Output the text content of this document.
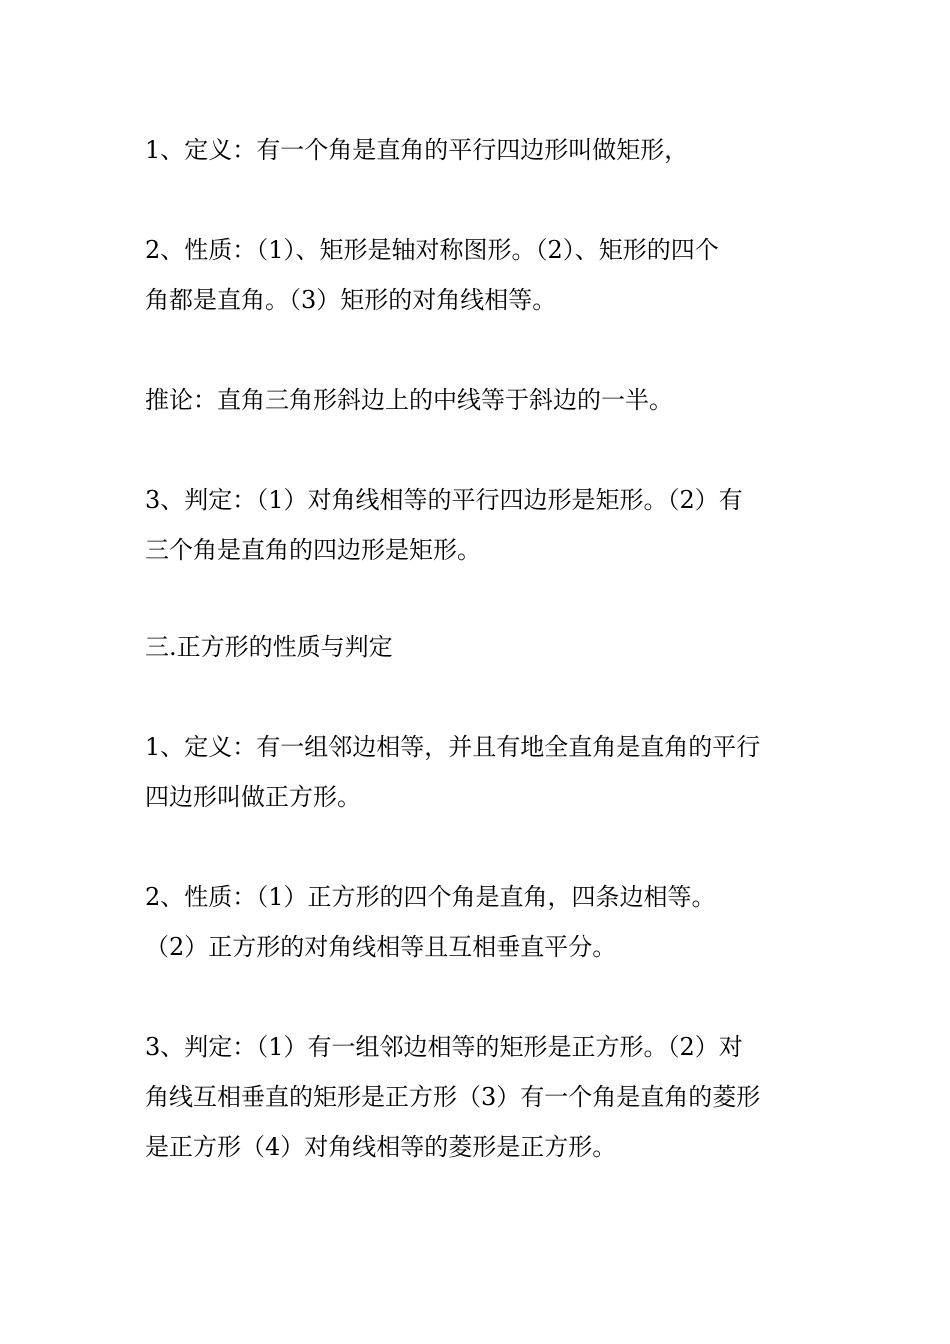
1、定义：有一个角是直角的平行四边形叫做矩形，
2、性质：（1）、矩形是轴对称图形。（2）、矩形的四个
角都是直角。（3）矩形的对角线相等。
推论：直角三角形斜边上的中线等于斜边的一半。
3、判定：（1）对角线相等的平行四边形是矩形。（2）有
三个角是直角的四边形是矩形。
三.正方形的性质与判定
1、定义：有一组邻边相等，并且有地全直角是直角的平行
四边形叫做正方形。
2、性质：（1）正方形的四个角是直角，四条边相等。
（2）正方形的对角线相等且互相垂直平分。
3、判定：（1）有一组邻边相等的矩形是正方形。（2）对
角线互相垂直的矩形是正方形（3）有一个角是直角的菱形
是正方形（4）对角线相等的菱形是正方形。
